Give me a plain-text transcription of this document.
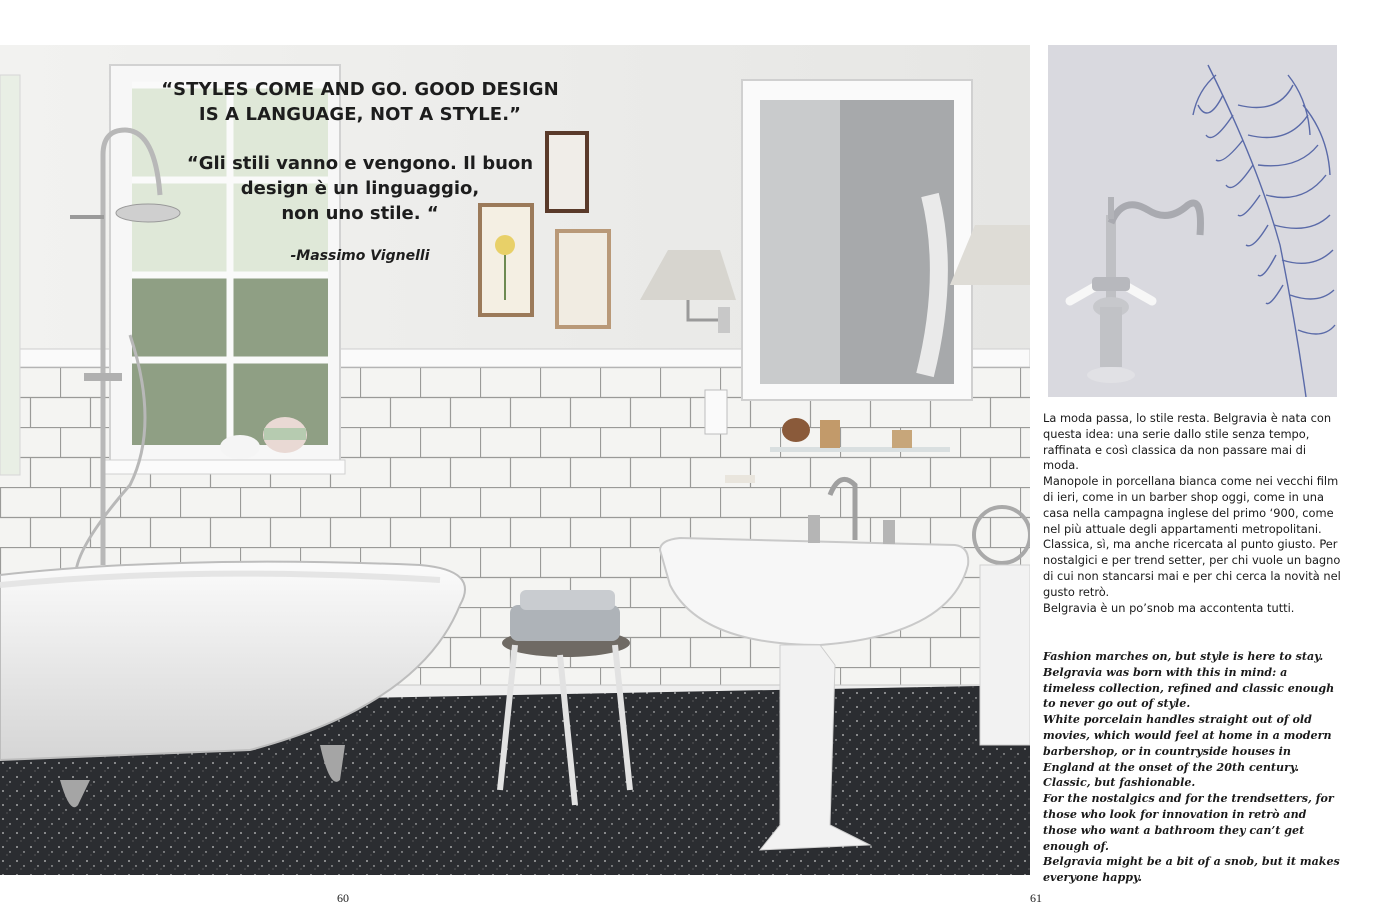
“STYLES COME AND GO. GOOD DESIGN
IS A LANGUAGE, NOT A STYLE.”

“Gli stili vanno e vengono. Il buon
design è un linguaggio,
non uno stile. “

-Massimo Vignelli

La moda passa, lo stile resta. Belgravia è nata con questa idea: una serie dallo stile senza tempo, raffinata e così classica da non passare mai di moda.

Manopole in porcellana bianca come nei vecchi film di ieri, come in un barber shop oggi, come in una casa nella campagna inglese del primo ‘900, come nel più attuale degli appartamenti metropolitani.

Classica, sì, ma anche ricercata al punto giusto. Per nostalgici e per trend setter, per chi vuole un bagno di cui non stancarsi mai e per chi cerca la novità nel gusto retrò.

Belgravia è un po’snob ma accontenta tutti.

Fashion marches on, but style is here to stay. Belgravia was born with this in mind: a timeless collection, refined and classic enough to never go out of style.

White porcelain handles straight out of old movies, which would feel at home in a modern barbershop, or in countryside houses in England at the onset of the 20th century. Classic, but fashionable.

For the nostalgics and for the trendsetters, for those who look for innovation in retrò and those who want a bathroom they can’t get enough of.

Belgravia might be a bit of a snob, but it makes everyone happy.

60	61
